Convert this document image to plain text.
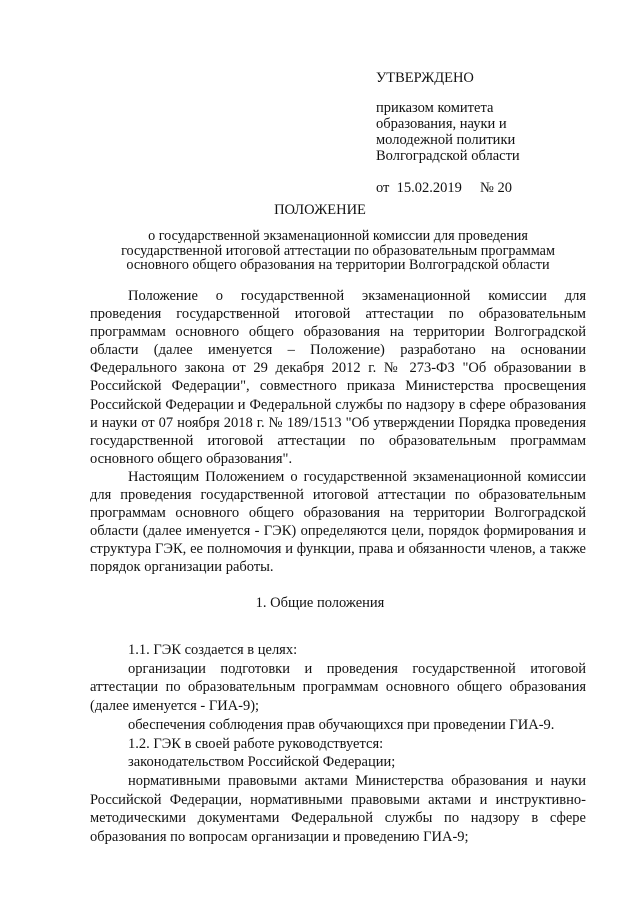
УТВЕРЖДЕНО
приказом комитета
образования, науки и
молодежной политики
Волгоградской области
от  15.02.2019     № 20
ПОЛОЖЕНИЕ
о государственной экзаменационной комиссии для проведения государственной итоговой аттестации по образовательным программам основного общего образования на территории Волгоградской области

Положение о государственной экзаменационной комиссии для проведения государственной итоговой аттестации по образовательным программам основного общего образования на территории Волгоградской области (далее именуется – Положение) разработано на основании Федерального закона от 29 декабря 2012 г. № 273-ФЗ "Об образовании в Российской Федерации", совместного приказа Министерства просвещения Российской Федерации и Федеральной службы по надзору в сфере образования и науки от 07 ноября 2018 г. № 189/1513 "Об утверждении Порядка проведения государственной итоговой аттестации по образовательным программам основного общего образования".

Настоящим Положением о государственной экзаменационной комиссии для проведения государственной итоговой аттестации по образовательным программам основного общего образования на территории Волгоградской области (далее именуется - ГЭК) определяются цели, порядок формирования и структура ГЭК, ее полномочия и функции, права и обязанности членов, а также порядок организации работы.

1. Общие положения

1.1. ГЭК создается в целях:

организации подготовки и проведения государственной итоговой аттестации по образовательным программам основного общего образования (далее именуется - ГИА-9);

обеспечения соблюдения прав обучающихся при проведении ГИА-9.

1.2. ГЭК в своей работе руководствуется:

законодательством Российской Федерации;

нормативными правовыми актами Министерства образования и науки Российской Федерации, нормативными правовыми актами и инструктивно-методическими документами Федеральной службы по надзору в сфере образования по вопросам организации и проведению ГИА-9;
